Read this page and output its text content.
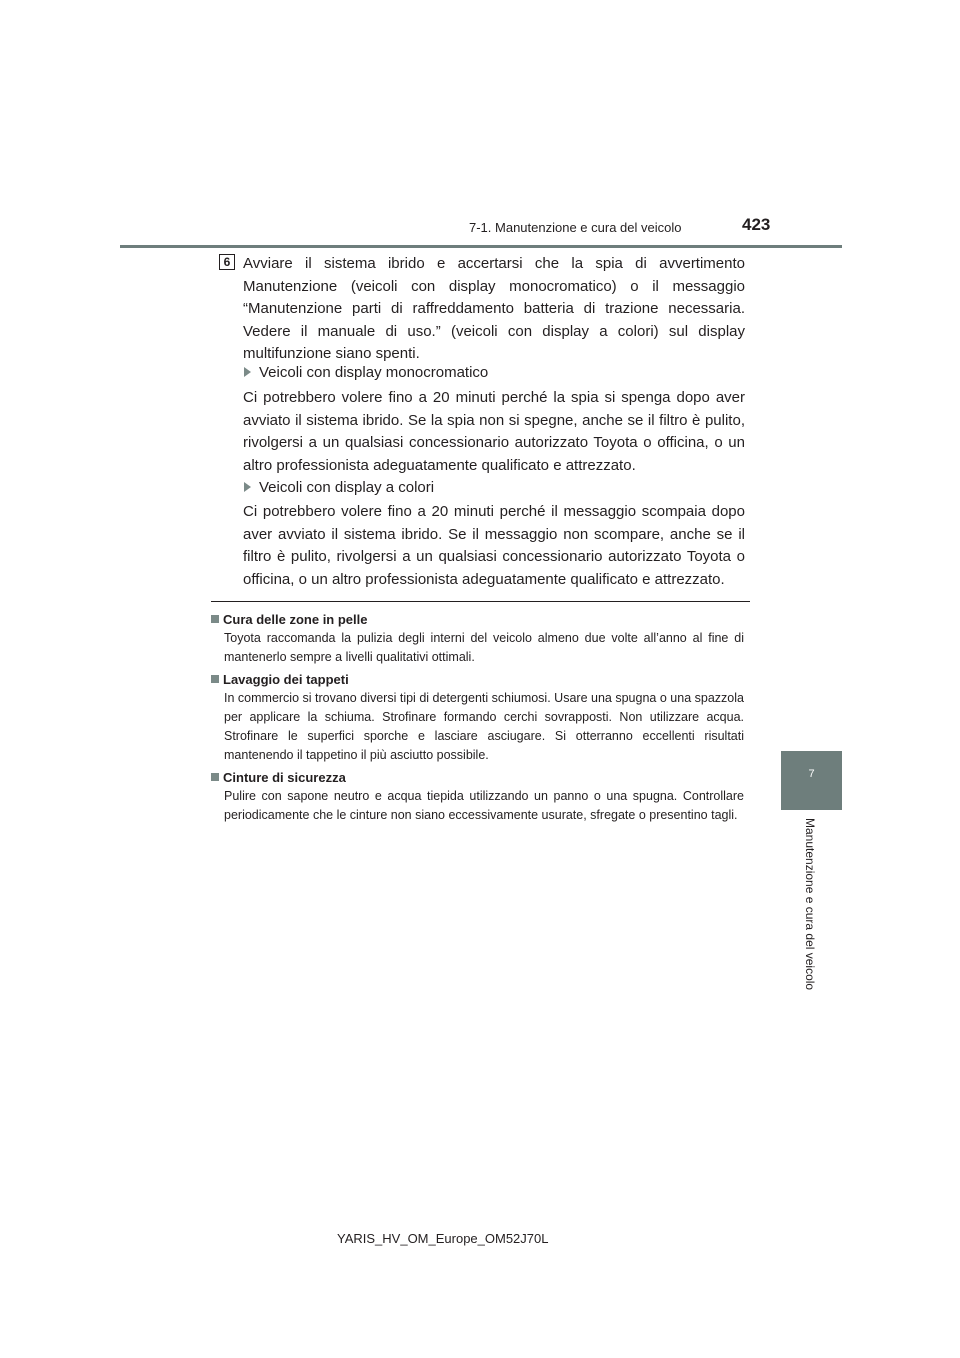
7-1. Manutenzione e cura del veicolo	423
7
Manutenzione e cura del veicolo
6 Avviare il sistema ibrido e accertarsi che la spia di avvertimento Manutenzione (veicoli con display monocromatico) o il messaggio “Manutenzione parti di raffreddamento batteria di trazione necessaria. Vedere il manuale di uso.” (veicoli con display a colori) sul display multifunzione siano spenti.

Veicoli con display monocromatico

Ci potrebbero volere fino a 20 minuti perché la spia si spenga dopo aver avviato il sistema ibrido. Se la spia non si spegne, anche se il filtro è pulito, rivolgersi a un qualsiasi concessionario autorizzato Toyota o officina, o un altro professionista adeguatamente qualificato e attrezzato.

Veicoli con display a colori

Ci potrebbero volere fino a 20 minuti perché il messaggio scompaia dopo aver avviato il sistema ibrido. Se il messaggio non scompare, anche se il filtro è pulito, rivolgersi a un qualsiasi concessionario autorizzato Toyota o officina, o un altro professionista adeguatamente qualificato e attrezzato.

Cura delle zone in pelle

Toyota raccomanda la pulizia degli interni del veicolo almeno due volte all’anno al fine di mantenerlo sempre a livelli qualitativi ottimali.

Lavaggio dei tappeti

In commercio si trovano diversi tipi di detergenti schiumosi. Usare una spugna o una spazzola per applicare la schiuma. Strofinare formando cerchi sovrapposti. Non utilizzare acqua. Strofinare le superfici sporche e lasciare asciugare. Si otterranno eccellenti risultati mantenendo il tappetino il più asciutto possibile.

Cinture di sicurezza

Pulire con sapone neutro e acqua tiepida utilizzando un panno o una spugna. Controllare periodicamente che le cinture non siano eccessivamente usurate, sfregate o presentino tagli.

YARIS_HV_OM_Europe_OM52J70L
